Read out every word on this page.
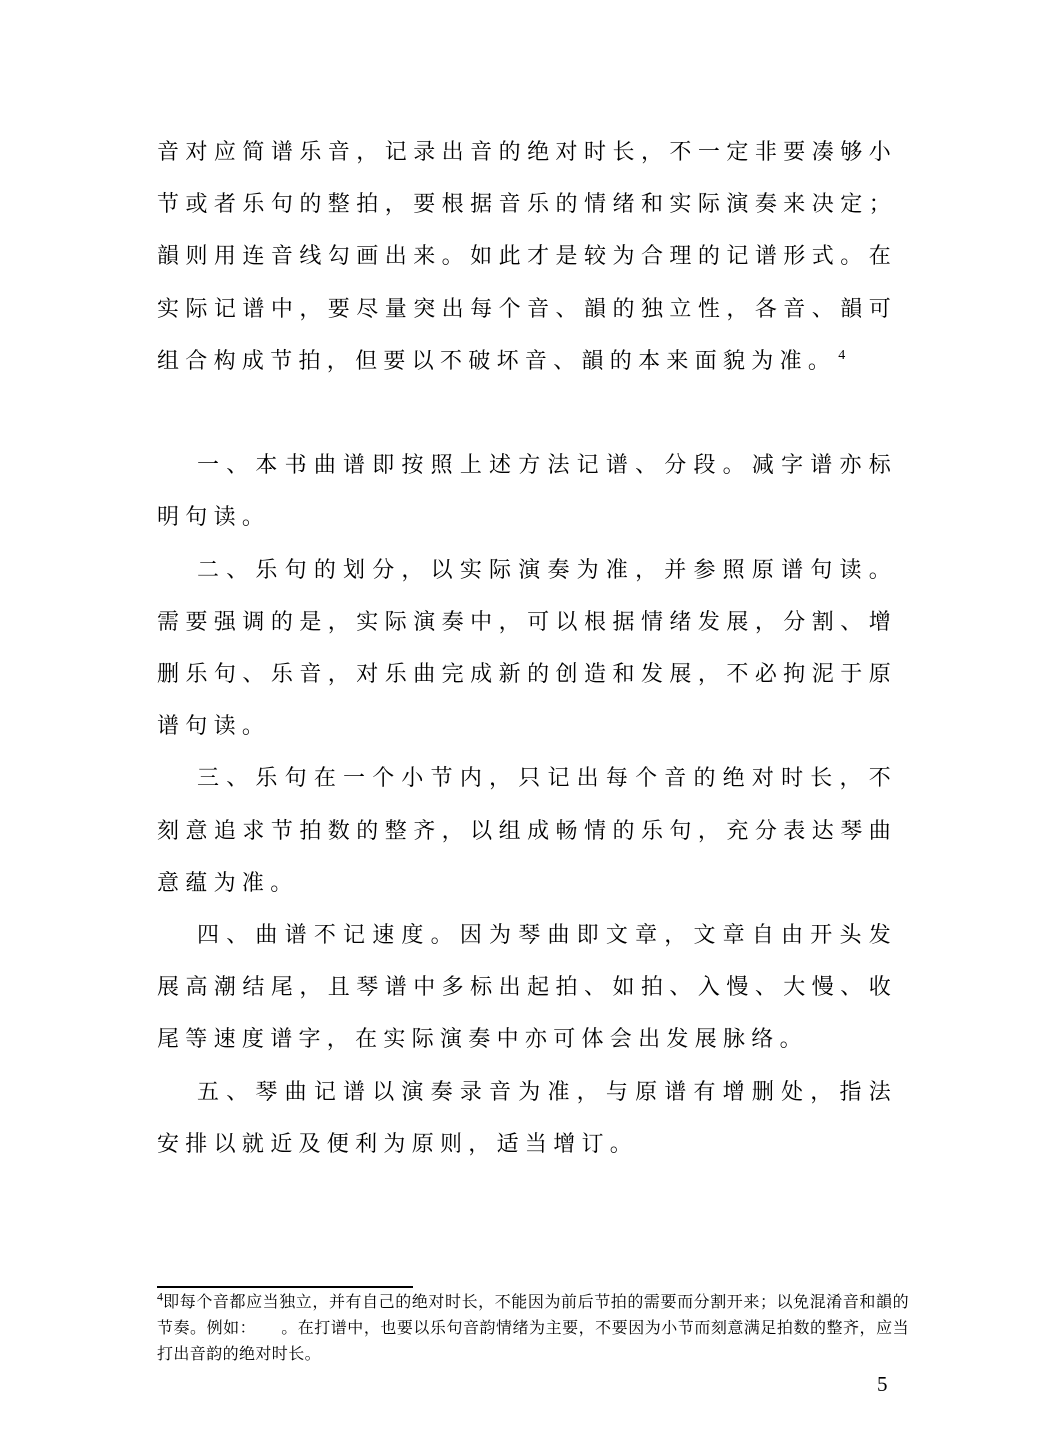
音对应简谱乐音，记录出音的绝对时长，不一定非要凑够小节或者乐句的整拍，要根据音乐的情绪和实际演奏来决定；韻则用连音线勾画出来。如此才是较为合理的记谱形式。在实际记谱中，要尽量突出每个音、韻的独立性，各音、韻可组合构成节拍，但要以不破坏音、韻的本来面貌为准。 $^4$

一、本书曲谱即按照上述方法记谱、分段。减字谱亦标明句读。

二、乐句的划分，以实际演奏为准，并参照原谱句读。需要强调的是，实际演奏中，可以根据情绪发展，分割、增删乐句、乐音，对乐曲完成新的创造和发展，不必拘泥于原谱句读。

三、乐句在一个小节内，只记出每个音的绝对时长，不刻意追求节拍数的整齐，以组成畅情的乐句，充分表达琴曲意蕴为准。

四、曲谱不记速度。因为琴曲即文章，文章自由开头发展高潮结尾，且琴谱中多标出起拍、如拍、入慢、大慢、收尾等速度谱字，在实际演奏中亦可体会出发展脉络。

五、琴曲记谱以演奏录音为准，与原谱有增删处，指法安排以就近及便利为原则，适当增订。

$^4$即每个音都应当独立，并有自己的绝对时长，不能因为前后节拍的需要而分割开来；以免混淆音和韻的节奏。例如：　　。在打谱中，也要以乐句音韵情绪为主要，不要因为小节而刻意满足拍数的整齐，应当打出音韵的绝对时长。
5
